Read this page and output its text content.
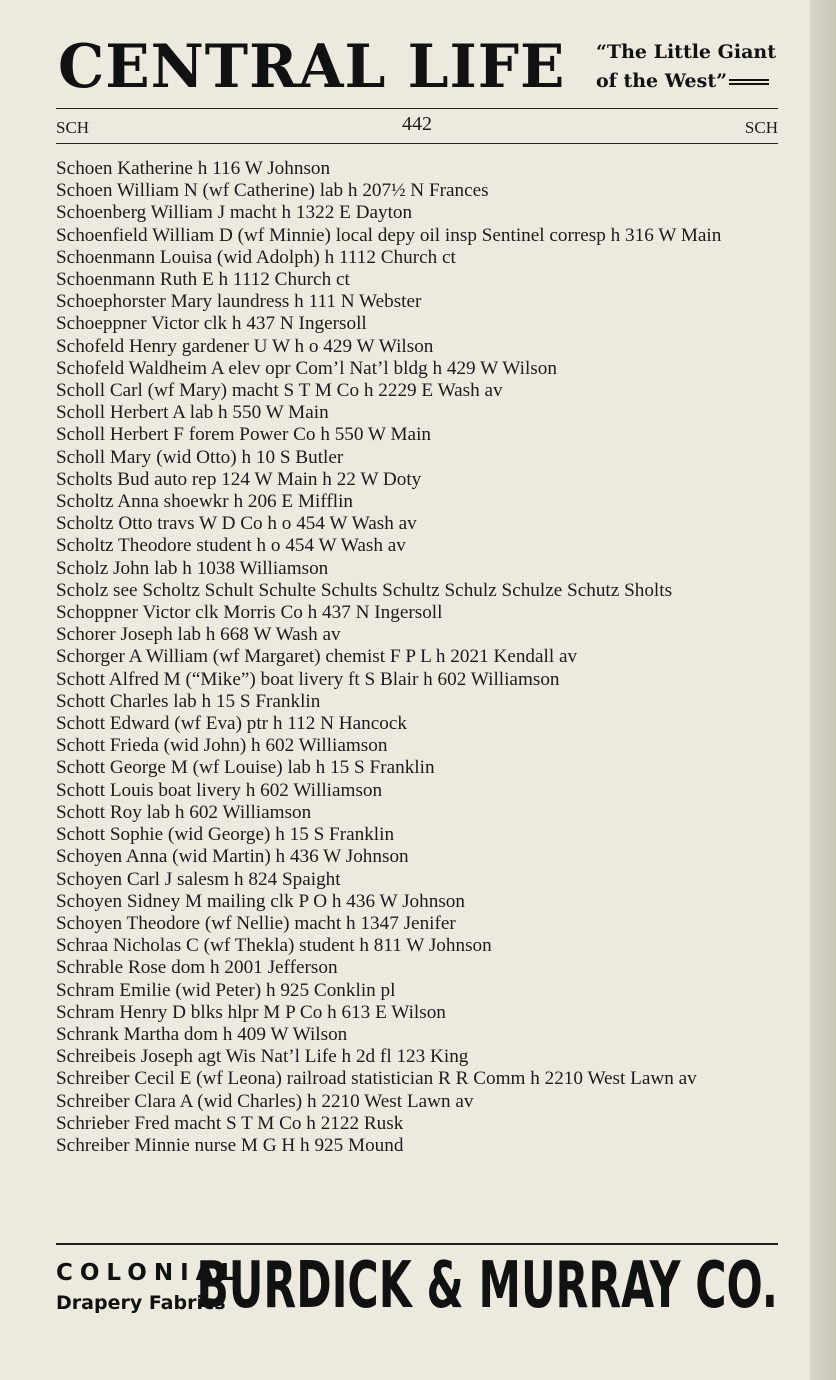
CENTRAL LIFE “The Little Giant
of the West”
SCH	442	SCH
Schoen Katherine h 116 W Johnson
Schoen William N (wf Catherine) lab h 207½ N Frances
Schoenberg William J macht h 1322 E Dayton
Schoenfield William D (wf Minnie) local depy oil insp Sentinel corresp h 316 W Main
Schoenmann Louisa (wid Adolph) h 1112 Church ct
Schoenmann Ruth E h 1112 Church ct
Schoephorster Mary laundress h 111 N Webster
Schoeppner Victor clk h 437 N Ingersoll
Schofeld Henry gardener U W h o 429 W Wilson
Schofeld Waldheim A elev opr Com’l Nat’l bldg h 429 W Wilson
Scholl Carl (wf Mary) macht S T M Co h 2229 E Wash av
Scholl Herbert A lab h 550 W Main
Scholl Herbert F forem Power Co h 550 W Main
Scholl Mary (wid Otto) h 10 S Butler
Scholts Bud auto rep 124 W Main h 22 W Doty
Scholtz Anna shoewkr h 206 E Mifflin
Scholtz Otto travs W D Co h o 454 W Wash av
Scholtz Theodore student h o 454 W Wash av
Scholz John lab h 1038 Williamson
Scholz see Scholtz Schult Schulte Schults Schultz Schulz Schulze Schutz Sholts
Schoppner Victor clk Morris Co h 437 N Ingersoll
Schorer Joseph lab h 668 W Wash av
Schorger A William (wf Margaret) chemist F P L h 2021 Kendall av
Schott Alfred M (“Mike”) boat livery ft S Blair h 602 Williamson
Schott Charles lab h 15 S Franklin
Schott Edward (wf Eva) ptr h 112 N Hancock
Schott Frieda (wid John) h 602 Williamson
Schott George M (wf Louise) lab h 15 S Franklin
Schott Louis boat livery h 602 Williamson
Schott Roy lab h 602 Williamson
Schott Sophie (wid George) h 15 S Franklin
Schoyen Anna (wid Martin) h 436 W Johnson
Schoyen Carl J salesm h 824 Spaight
Schoyen Sidney M mailing clk P O h 436 W Johnson
Schoyen Theodore (wf Nellie) macht h 1347 Jenifer
Schraa Nicholas C (wf Thekla) student h 811 W Johnson
Schrable Rose dom h 2001 Jefferson
Schram Emilie (wid Peter) h 925 Conklin pl
Schram Henry D blks hlpr M P Co h 613 E Wilson
Schrank Martha dom h 409 W Wilson
Schreibeis Joseph agt Wis Nat’l Life h 2d fl 123 King
Schreiber Cecil E (wf Leona) railroad statistician R R Comm h 2210 West Lawn av
Schreiber Clara A (wid Charles) h 2210 West Lawn av
Schrieber Fred macht S T M Co h 2122 Rusk
Schreiber Minnie nurse M G H h 925 Mound
COLONIAL
Drapery Fabrics
BURDICK & MURRAY CO.
